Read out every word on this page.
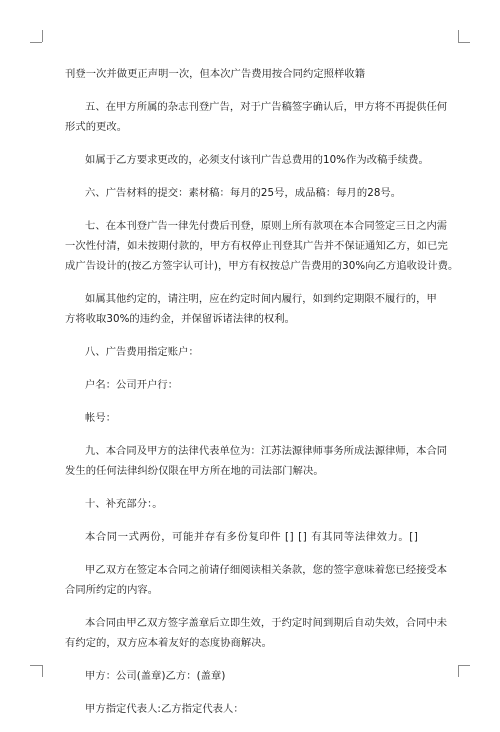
刊登一次并做更正声明一次，但本次广告费用按合同约定照样收籍
五、在甲方所属的杂志刊登广告，对于广告稿签字确认后，甲方将不再提供任何
形式的更改。
如属于乙方要求更改的，必须支付该刊广告总费用的10%作为改稿手续费。
六、广告材料的提交：素材稿：每月的25号，成品稿：每月的28号。
七、在本刊登广告一律先付费后刊登，原则上所有款项在本合同签定三日之内需
一次性付清，如未按期付款的，甲方有权停止刊登其广告并不保证通知乙方，如已完
成广告设计的(按乙方签字认可计)，甲方有权按总广告费用的30%向乙方追收设计费。
如属其他约定的，请注明，应在约定时间内履行，如到约定期限不履行的，甲
方将收取30%的违约金，并保留诉诸法律的权利。
八、广告费用指定账户：
户名：公司开户行：
帐号：
九、本合同及甲方的法律代表单位为：江苏法源律师事务所成法源律师，本合同
发生的任何法律纠纷仅限在甲方所在地的司法部门解决。
十、补充部分：。
本合同一式两份，可能并存有多份复印件 [] [] 有其同等法律效力。[]
甲乙双方在签定本合同之前请仔细阅读相关条款，您的签字意味着您已经接受本
合同所约定的内容。
本合同由甲乙双方签字盖章后立即生效，于约定时间到期后自动失效，合同中未
有约定的，双方应本着友好的态度协商解决。
甲方：公司(盖章)乙方：(盖章)
甲方指定代表人:乙方指定代表人：
